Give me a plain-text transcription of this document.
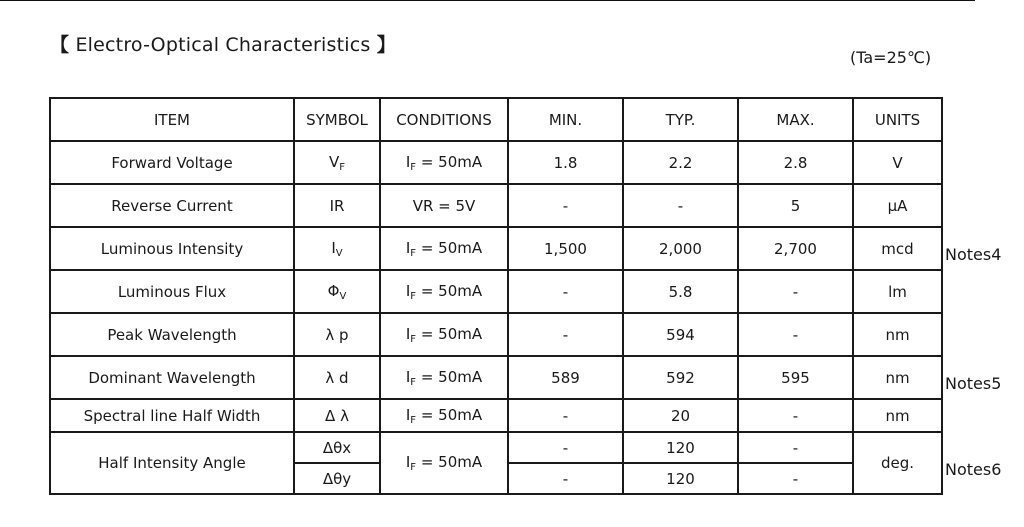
【 Electro-Optical Characteristics 】
(Ta=25℃)
ITEM	SYMBOL	CONDITIONS	MIN.	TYP.	MAX.	UNITS
Forward Voltage	$V_F$	$I_F = 50mA$	1.8	2.2	2.8	V
Reverse Current	IR	VR = 5V	-	-	5	μA
Luminous Intensity	$I_V$	$I_F = 50mA$	1,500	2,000	2,700	mcd
Luminous Flux	$\Phi_V$	$I_F = 50mA$	-	5.8	-	lm
Peak Wavelength	λ p	$I_F = 50mA$	-	594	-	nm
Dominant Wavelength	λ d	$I_F = 50mA$	589	592	595	nm
Spectral line Half Width	Δ λ	$I_F = 50mA$	-	20	-	nm
Half Intensity Angle	Δθx	$I_F = 50mA$	-	120	-	deg.
	Δθy		-	120	-	
Notes4
Notes5
Notes6
